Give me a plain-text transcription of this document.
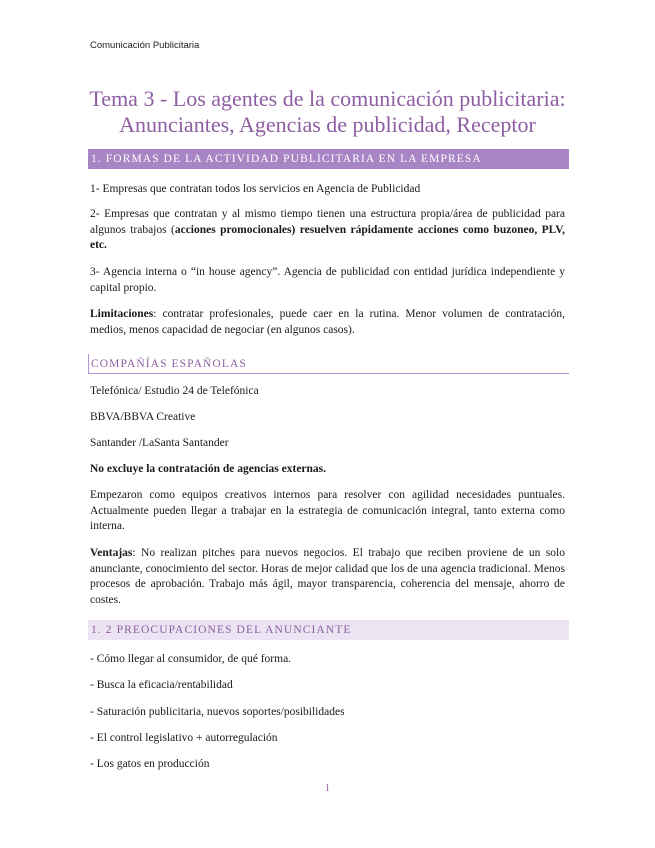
Comunicación Publicitaria
Tema 3 - Los agentes de la comunicación publicitaria:
Anunciantes, Agencias de publicidad, Receptor
1. FORMAS DE LA ACTIVIDAD PUBLICITARIA EN LA EMPRESA
1- Empresas que contratan todos los servicios en Agencia de Publicidad
2- Empresas que contratan y al mismo tiempo tienen una estructura propia/área de publicidad para algunos trabajos (acciones promocionales) resuelven rápidamente acciones como buzoneo, PLV, etc.
3- Agencia interna o “in house agency”. Agencia de publicidad con entidad jurídica independiente y capital propio.
Limitaciones: contratar profesionales, puede caer en la rutina. Menor volumen de contratación, medios, menos capacidad de negociar (en algunos casos).
COMPAÑÍAS ESPAÑOLAS
Telefónica/ Estudio 24 de Telefónica
BBVA/BBVA Creative
Santander /LaSanta Santander
No excluye la contratación de agencias externas.
Empezaron como equipos creativos internos para resolver con agilidad necesidades puntuales. Actualmente pueden llegar a trabajar en la estrategia de comunicación integral, tanto externa como interna.
Ventajas: No realizan pitches para nuevos negocios. El trabajo que reciben proviene de un solo anunciante, conocimiento del sector. Horas de mejor calidad que los de una agencia tradicional. Menos procesos de aprobación. Trabajo más ágil, mayor transparencia, coherencia del mensaje, ahorro de costes.
1. 2 PREOCUPACIONES DEL ANUNCIANTE
- Cómo llegar al consumidor, de qué forma.
- Busca la eficacia/rentabilidad
- Saturación publicitaria, nuevos soportes/posibilidades
- El control legislativo + autorregulación
- Los gatos en producción
1
